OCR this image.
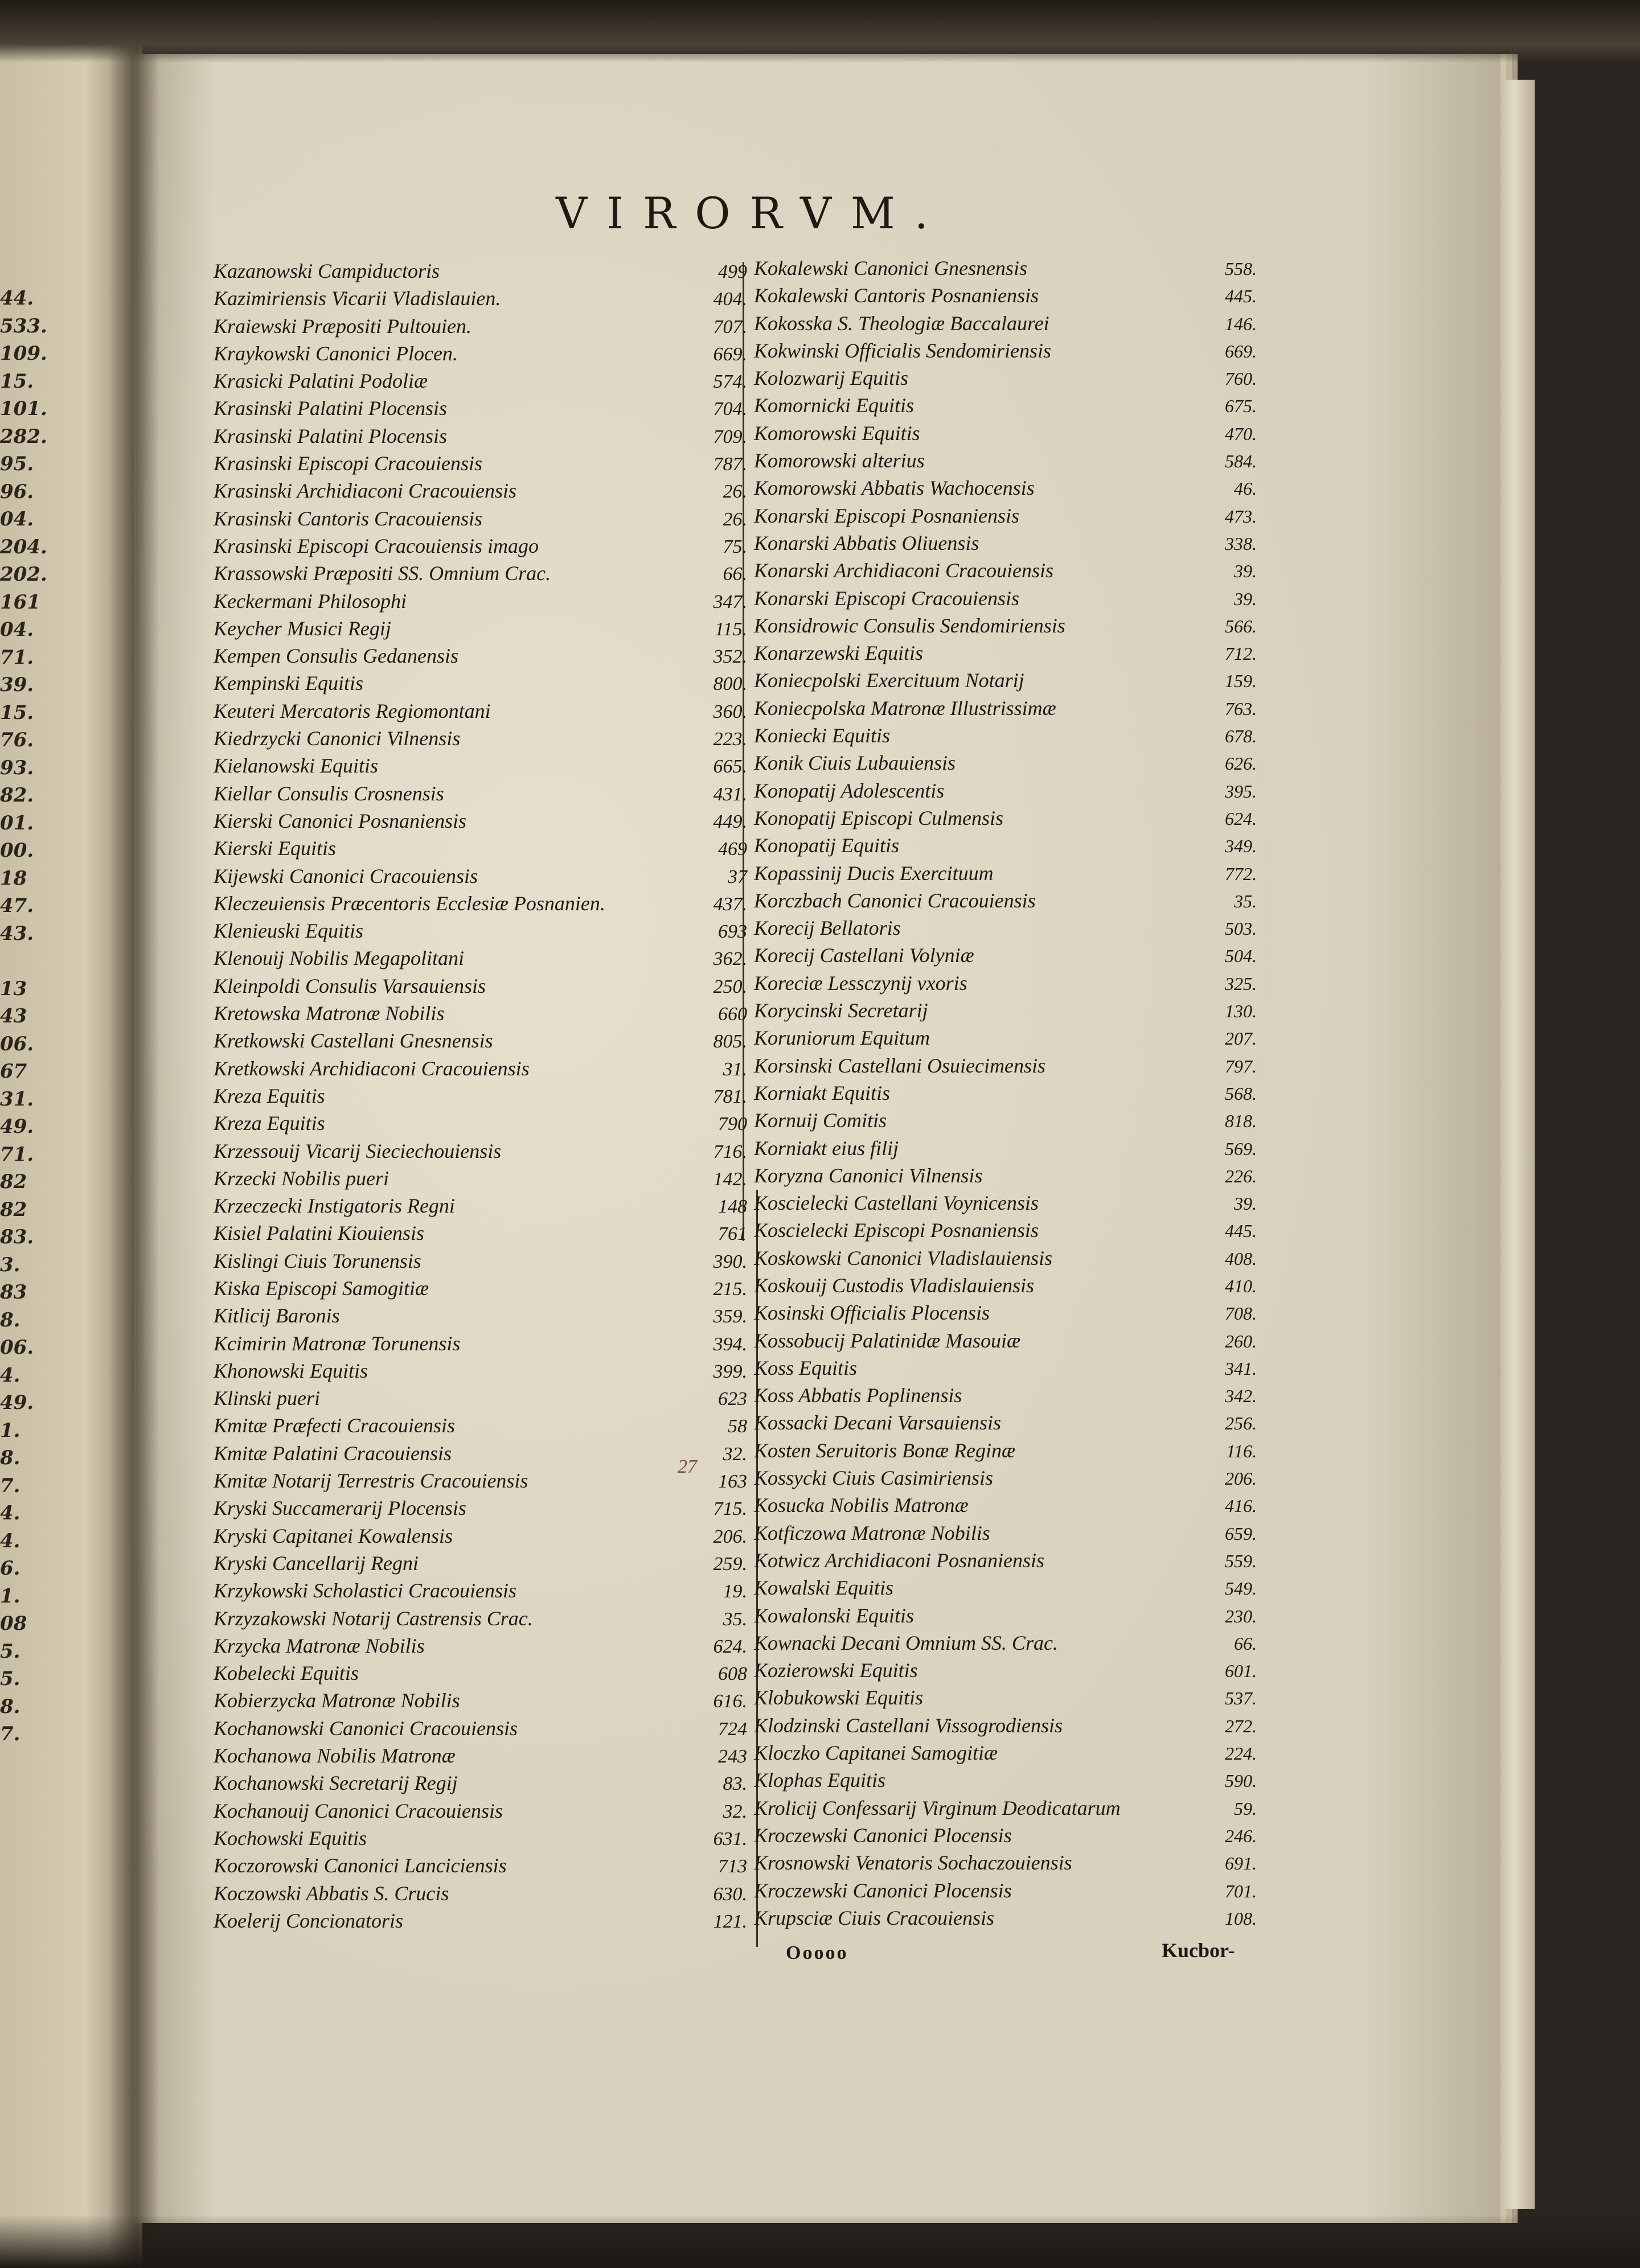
44.
533.
109.
15.
101.
282.
95.
96.
04.
204.
202.
161
04.
71.
39.
15.
76.
93.
82.
01.
00.
18
47.
43.
13
43
06.
67
31.
49.
71.
82
82
83.
3.
83
8.
06.
4.
49.
1.
8.
7.
4.
4.
6.
1.
08
5.
5.
8.
7.
VIRORVM.
Kazanowski Campiductoris	499
Kazimiriensis Vicarii Vladislauien.	404.
Kraiewski Præpositi Pultouien.	707.
Kraykowski Canonici Plocen.	669.
Krasicki Palatini Podoliæ	574.
Krasinski Palatini Plocensis	704.
Krasinski Palatini Plocensis	709.
Krasinski Episcopi Cracouiensis	787.
Krasinski Archidiaconi Cracouiensis	26.
Krasinski Cantoris Cracouiensis	26.
Krasinski Episcopi Cracouiensis imago	75.
Krassowski Præpositi SS. Omnium Crac.	66.
Keckermani Philosophi	347.
Keycher Musici Regij	115.
Kempen Consulis Gedanensis	352.
Kempinski Equitis	800.
Keuteri Mercatoris Regiomontani	360.
Kiedrzycki Canonici Vilnensis	223.
Kielanowski Equitis	665.
Kiellar Consulis Crosnensis	431.
Kierski Canonici Posnaniensis	449.
Kierski Equitis	469
Kijewski Canonici Cracouiensis	37
Kleczeuiensis Præcentoris Ecclesiæ Posnanien.	437.
Klenieuski Equitis	693
Klenouij Nobilis Megapolitani	362.
Kleinpoldi Consulis Varsauiensis	250.
Kretowska Matronæ Nobilis	660
Kretkowski Castellani Gnesnensis	805.
Kretkowski Archidiaconi Cracouiensis	31.
Kreza Equitis	781.
Kreza Equitis	790
Krzessouij Vicarij Sieciechouiensis	716.
Krzecki Nobilis pueri	142.
Krzeczecki Instigatoris Regni	148
Kisiel Palatini Kiouiensis	761
Kislingi Ciuis Torunensis	390.
Kiska Episcopi Samogitiæ	215.
Kitlicij Baronis	359.
Kcimirin Matronæ Torunensis	394.
Khonowski Equitis	399.
Klinski pueri	623
Kmitæ Præfecti Cracouiensis	58
Kmitæ Palatini Cracouiensis	32.
Kmitæ Notarij Terrestris Cracouiensis	163
Kryski Succamerarij Plocensis	715.
Kryski Capitanei Kowalensis	206.
Kryski Cancellarij Regni	259.
Krzykowski Scholastici Cracouiensis	19.
Krzyzakowski Notarij Castrensis Crac.	35.
Krzycka Matronæ Nobilis	624.
Kobelecki Equitis	608
Kobierzycka Matronæ Nobilis	616.
Kochanowski Canonici Cracouiensis	724
Kochanowa Nobilis Matronæ	243
Kochanowski Secretarij Regij	83.
Kochanouij Canonici Cracouiensis	32.
Kochowski Equitis	631.
Koczorowski Canonici Lanciciensis	713
Koczowski Abbatis S. Crucis	630.
Koelerij Concionatoris	121.
Kokalewski Canonici Gnesnensis	558.
Kokalewski Cantoris Posnaniensis	445.
Kokosska S. Theologiæ Baccalaurei	146.
Kokwinski Officialis Sendomiriensis	669.
Kolozwarij Equitis	760.
Komornicki Equitis	675.
Komorowski Equitis	470.
Komorowski alterius	584.
Komorowski Abbatis Wachocensis	46.
Konarski Episcopi Posnaniensis	473.
Konarski Abbatis Oliuensis	338.
Konarski Archidiaconi Cracouiensis	39.
Konarski Episcopi Cracouiensis	39.
Konsidrowic Consulis Sendomiriensis	566.
Konarzewski Equitis	712.
Koniecpolski Exercituum Notarij	159.
Koniecpolska Matronæ Illustrissimæ	763.
Koniecki Equitis	678.
Konik Ciuis Lubauiensis	626.
Konopatij Adolescentis	395.
Konopatij Episcopi Culmensis	624.
Konopatij Equitis	349.
Kopassinij Ducis Exercituum	772.
Korczbach Canonici Cracouiensis	35.
Korecij Bellatoris	503.
Korecij Castellani Volyniæ	504.
Koreciæ Lessczynij vxoris	325.
Korycinski Secretarij	130.
Koruniorum Equitum	207.
Korsinski Castellani Osuiecimensis	797.
Korniakt Equitis	568.
Kornuij Comitis	818.
Korniakt eius filij	569.
Koryzna Canonici Vilnensis	226.
Koscielecki Castellani Voynicensis	39.
Koscielecki Episcopi Posnaniensis	445.
Koskowski Canonici Vladislauiensis	408.
Koskouij Custodis Vladislauiensis	410.
Kosinski Officialis Plocensis	708.
Kossobucij Palatinidæ Masouiæ	260.
Koss Equitis	341.
Koss Abbatis Poplinensis	342.
Kossacki Decani Varsauiensis	256.
Kosten Seruitoris Bonæ Reginæ	116.
Kossycki Ciuis Casimiriensis	206.
Kosucka Nobilis Matronæ	416.
Kotficzowa Matronæ Nobilis	659.
Kotwicz Archidiaconi Posnaniensis	559.
Kowalski Equitis	549.
Kowalonski Equitis	230.
Kownacki Decani Omnium SS. Crac.	66.
Kozierowski Equitis	601.
Klobukowski Equitis	537.
Klodzinski Castellani Vissogrodiensis	272.
Kloczko Capitanei Samogitiæ	224.
Klophas Equitis	590.
Krolicij Confessarij Virginum Deodicatarum	59.
Kroczewski Canonici Plocensis	246.
Krosnowski Venatoris Sochaczouiensis	691.
Kroczewski Canonici Plocensis	701.
Krupsciæ Ciuis Cracouiensis	108.
27
Ooooo	Kucbor-
